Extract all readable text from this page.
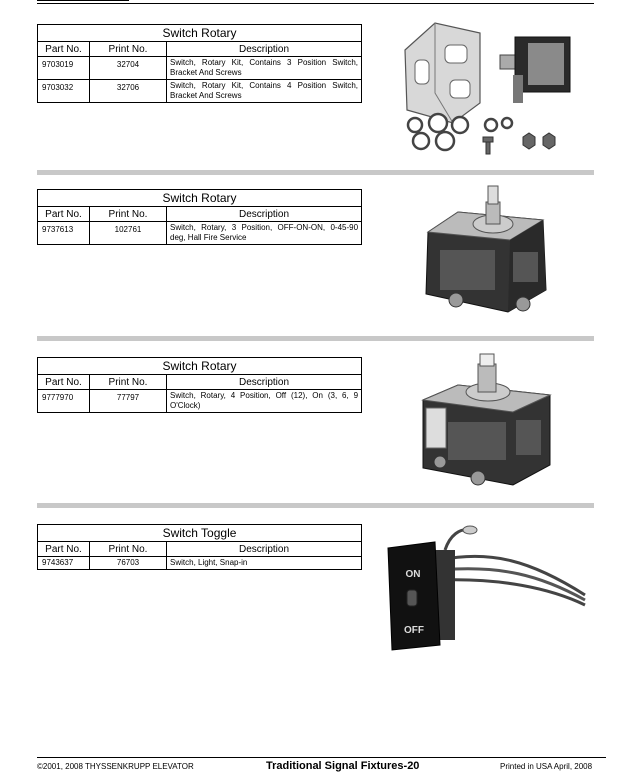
Switch Rotary		
Part No.	Print No.	Description
9703019	32704	Switch, Rotary Kit, Contains 3 Position Switch, Bracket And Screws
9703032	32706	Switch, Rotary Kit, Contains 4 Position Switch, Bracket And Screws
Switch Rotary		
Part No.	Print No.	Description
9737613	102761	Switch, Rotary, 3 Position, OFF-ON-ON, 0-45-90 deg, Hall Fire Service
Switch Rotary		
Part No.	Print No.	Description
9777970	77797	Switch, Rotary, 4 Position, Off (12), On (3, 6, 9 O'Clock)
Switch Toggle		
Part No.	Print No.	Description
9743637	76703	Switch, Light, Snap-in
ON
OFF
©2001, 2008 THYSSENKRUPP ELEVATOR	Traditional Signal Fixtures-20	Printed in USA April, 2008
